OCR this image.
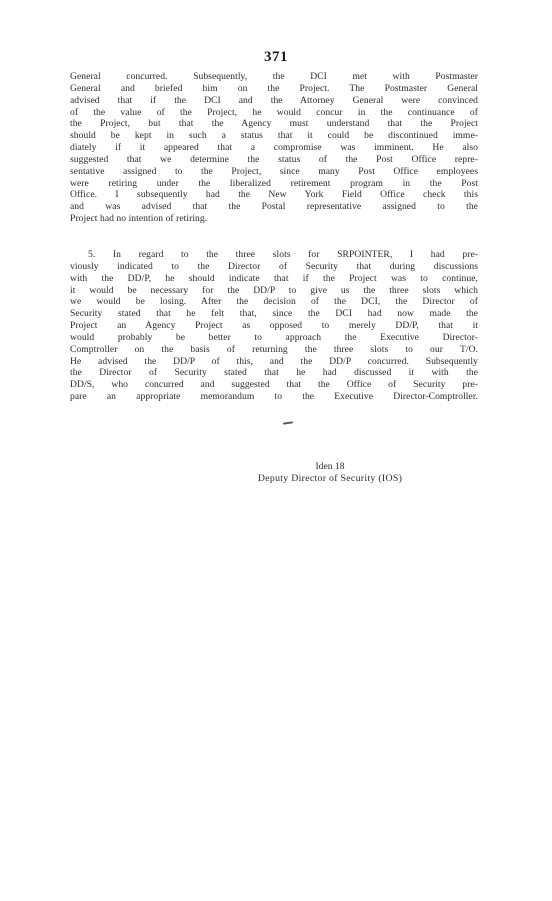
371
General concurred. Subsequently, the DCI met with Postmaster
General and briefed him on the Project. The Postmaster General
advised that if the DCI and the Attorney General were convinced
of the value of the Project, he would concur in the continuance of
the Project, but that the Agency must understand that the Project
should be kept in such a status that it could be discontinued imme-
diately if it appeared that a compromise was imminent. He also
suggested that we determine the status of the Post Office repre-
sentative assigned to the Project, since many Post Office employees
were retiring under the liberalized retirement program in the Post
Office. I subsequently had the New York Field Office check this
and was advised that the Postal representative assigned to the
Project had no intention of retiring.
5. In regard to the three slots for SRPOINTER, I had pre-
viously indicated to the Director of Security that during discussions
with the DD/P, he should indicate that if the Project was to continue,
it would be necessary for the DD/P to give us the three slots which
we would be losing. After the decision of the DCI, the Director of
Security stated that he felt that, since the DCI had now made the
Project an Agency Project as opposed to merely DD/P, that it
would probably be better to approach the Executive Director-
Comptroller on the basis of returning the three slots to our T/O.
He advised the DD/P of this, and the DD/P concurred. Subsequently
the Director of Security stated that he had discussed it with the
DD/S, who concurred and suggested that the Office of Security pre-
pare an appropriate memorandum to the Executive Director-Comptroller.
Iden 18
Deputy Director of Security (IOS)
